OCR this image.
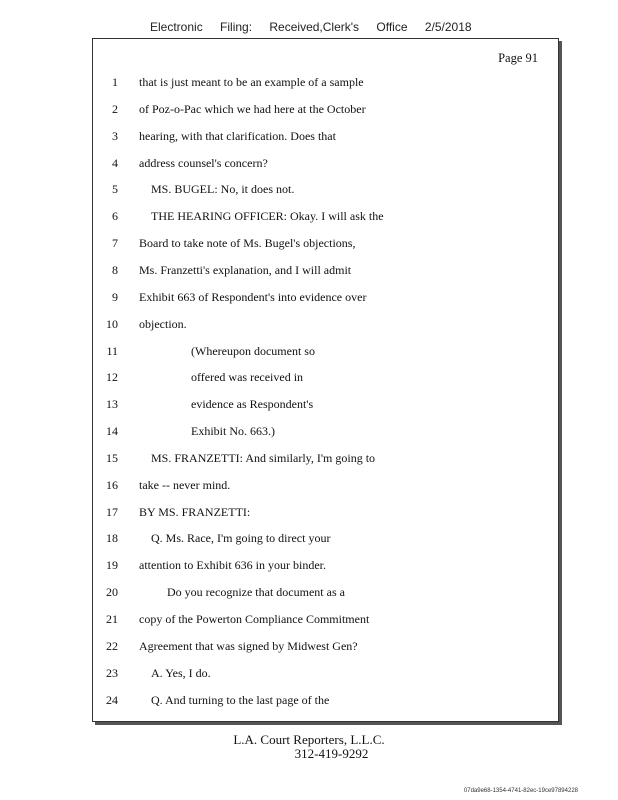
Electronic Filing: Received,Clerk's Office 2/5/2018
Page 91
1 that is just meant to be an example of a sample
2 of Poz-o-Pac which we had here at the October
3 hearing, with that clarification. Does that
4 address counsel's concern?
5	MS. BUGEL: No, it does not.
6	THE HEARING OFFICER: Okay. I will ask the
7 Board to take note of Ms. Bugel's objections,
8 Ms. Franzetti's explanation, and I will admit
9 Exhibit 663 of Respondent's into evidence over
10 objection.
11	(Whereupon document so
12	offered was received in
13	evidence as Respondent's
14	Exhibit No. 663.)
15	MS. FRANZETTI: And similarly, I'm going to
16 take -- never mind.
17 BY MS. FRANZETTI:
18	Q. Ms. Race, I'm going to direct your
19 attention to Exhibit 636 in your binder.
20	Do you recognize that document as a
21 copy of the Powerton Compliance Commitment
22 Agreement that was signed by Midwest Gen?
23	A. Yes, I do.
24	Q. And turning to the last page of the
L.A. Court Reporters, L.L.C.
312-419-9292
07da9e68-1354-4741-82ec-19ce97894228
